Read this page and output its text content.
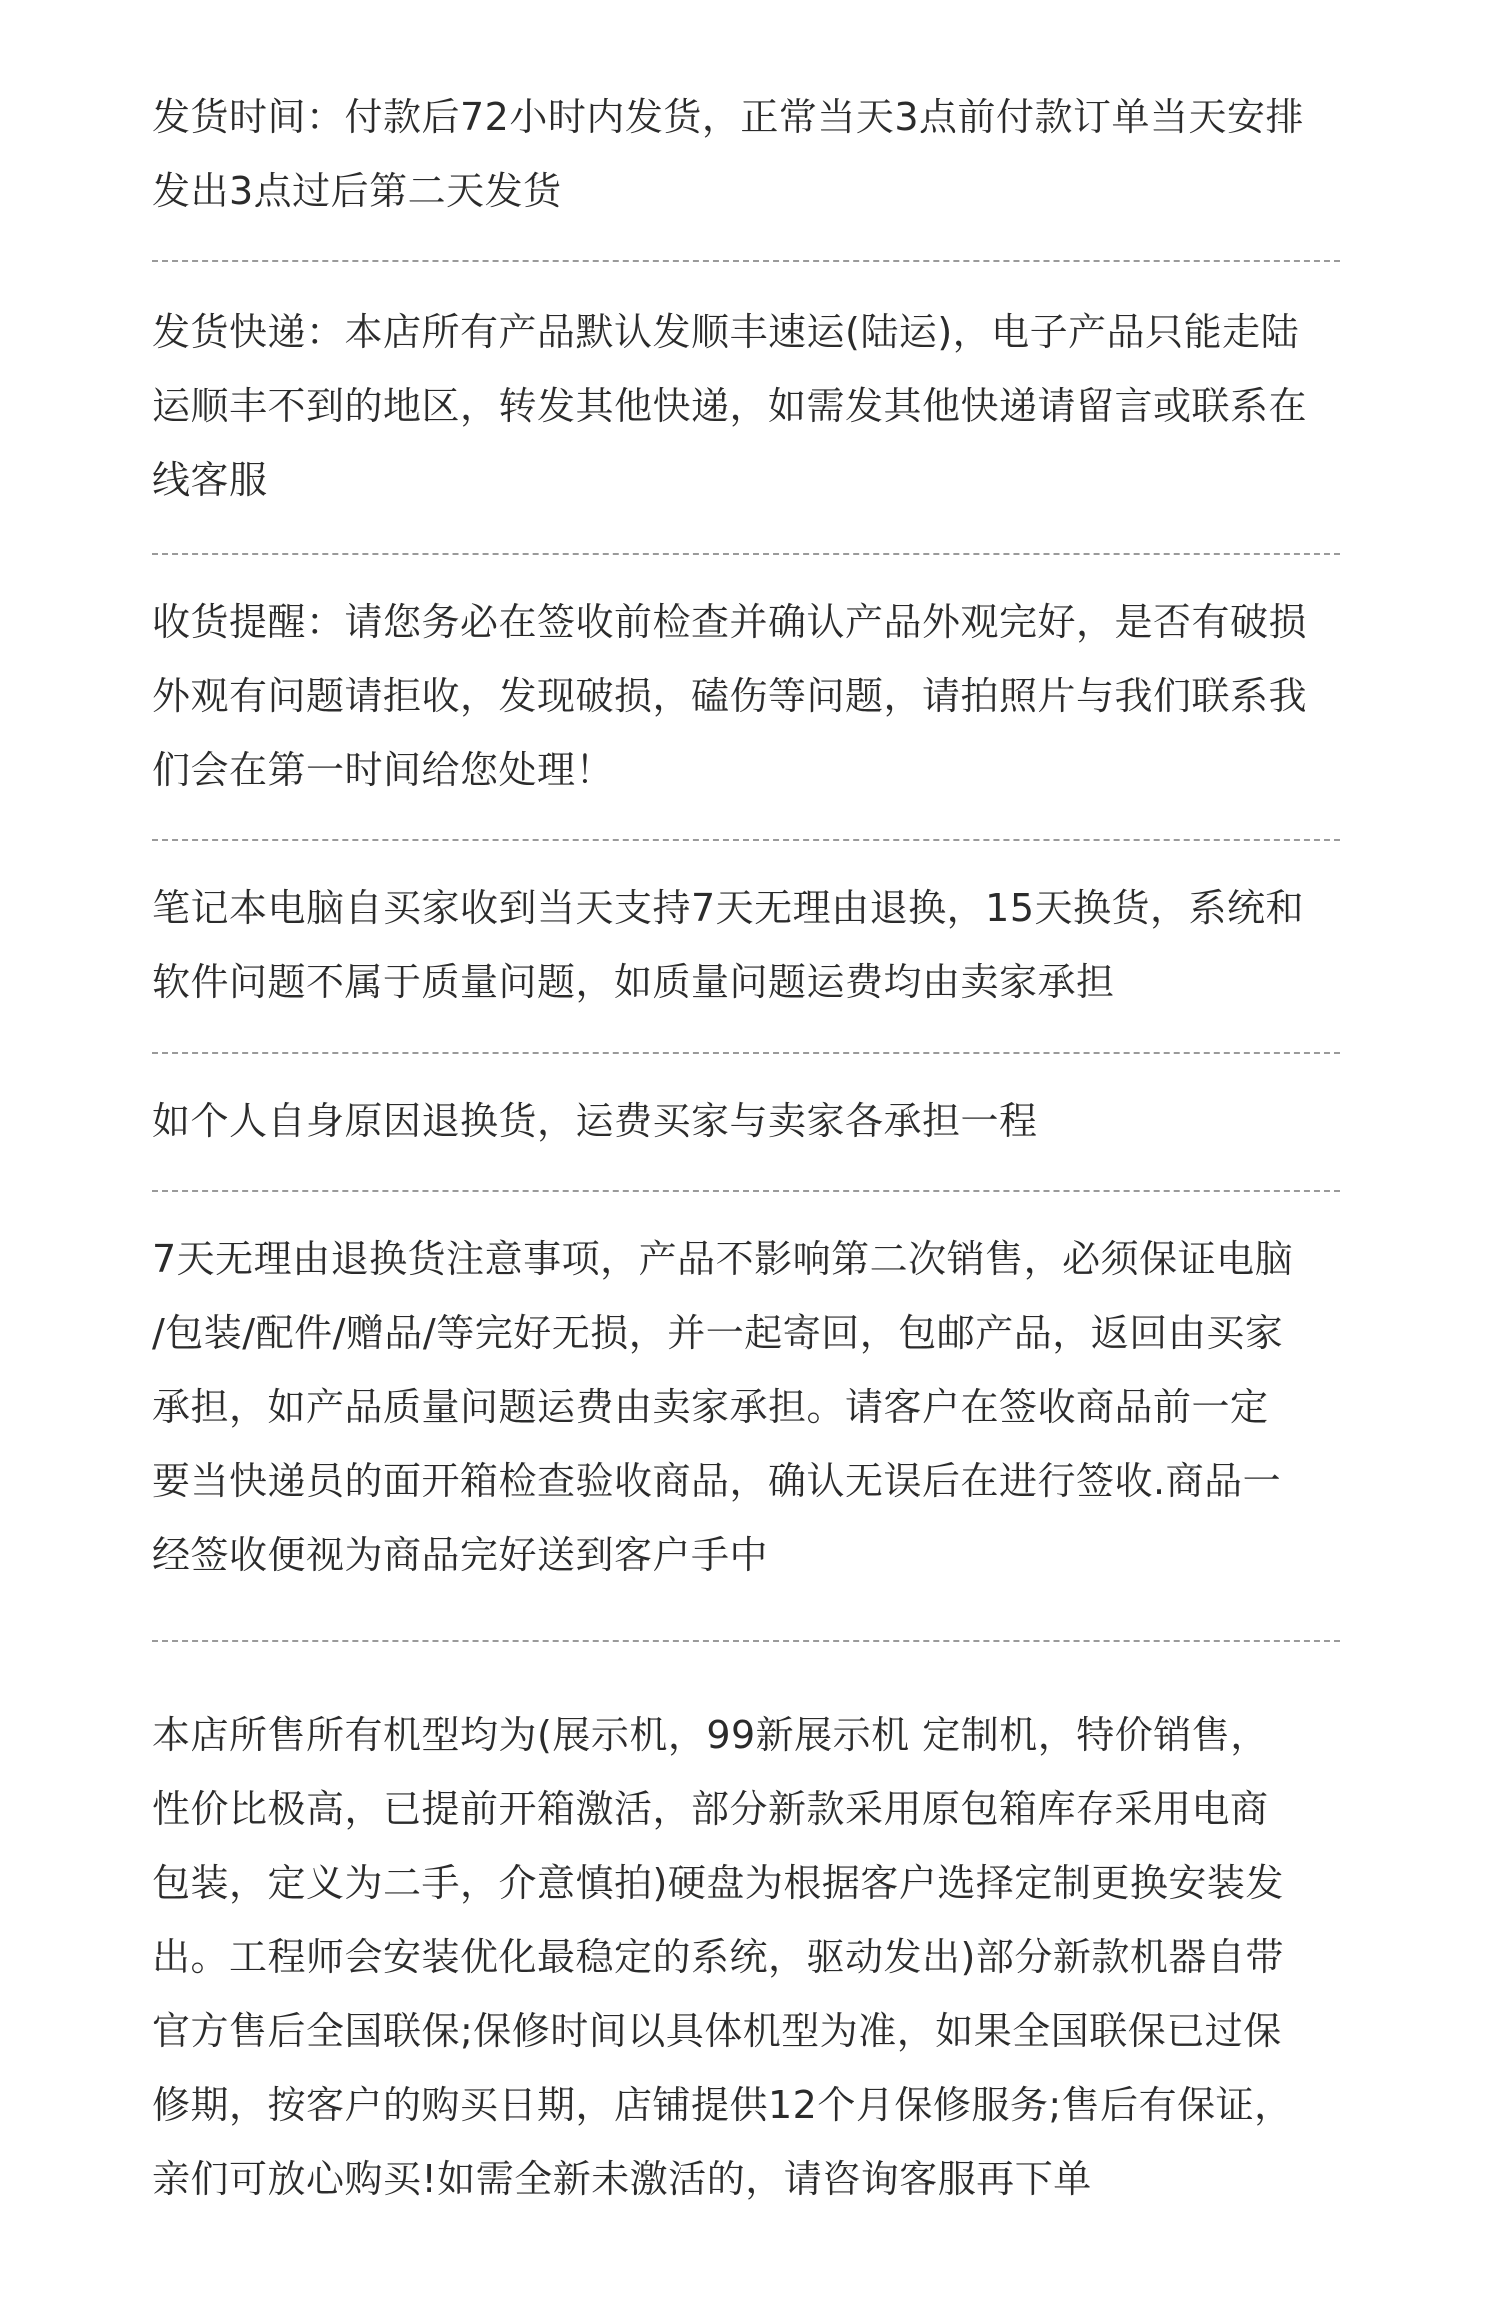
发货时间：付款后72小时内发货，正常当天3点前付款订单当天安排

发出3点过后第二天发货

发货快递：本店所有产品默认发顺丰速运(陆运)，电子产品只能走陆

运顺丰不到的地区，转发其他快递，如需发其他快递请留言或联系在

线客服

收货提醒：请您务必在签收前检查并确认产品外观完好，是否有破损

外观有问题请拒收，发现破损，磕伤等问题，请拍照片与我们联系我

们会在第一时间给您处理！

笔记本电脑自买家收到当天支持7天无理由退换，15天换货，系统和

软件问题不属于质量问题，如质量问题运费均由卖家承担

如个人自身原因退换货，运费买家与卖家各承担一程

7天无理由退换货注意事项，产品不影响第二次销售，必须保证电脑

/包装/配件/赠品/等完好无损，并一起寄回，包邮产品，返回由买家

承担，如产品质量问题运费由卖家承担。请客户在签收商品前一定

要当快递员的面开箱检查验收商品，确认无误后在进行签收.商品一

经签收便视为商品完好送到客户手中

本店所售所有机型均为(展示机，99新展示机 定制机，特价销售，

性价比极高，已提前开箱激活，部分新款采用原包箱库存采用电商

包装，定义为二手，介意慎拍)硬盘为根据客户选择定制更换安装发

出。工程师会安装优化最稳定的系统，驱动发出)部分新款机器自带

官方售后全国联保;保修时间以具体机型为准，如果全国联保已过保

修期，按客户的购买日期，店铺提供12个月保修服务;售后有保证，

亲们可放心购买!如需全新未激活的，请咨询客服再下单
